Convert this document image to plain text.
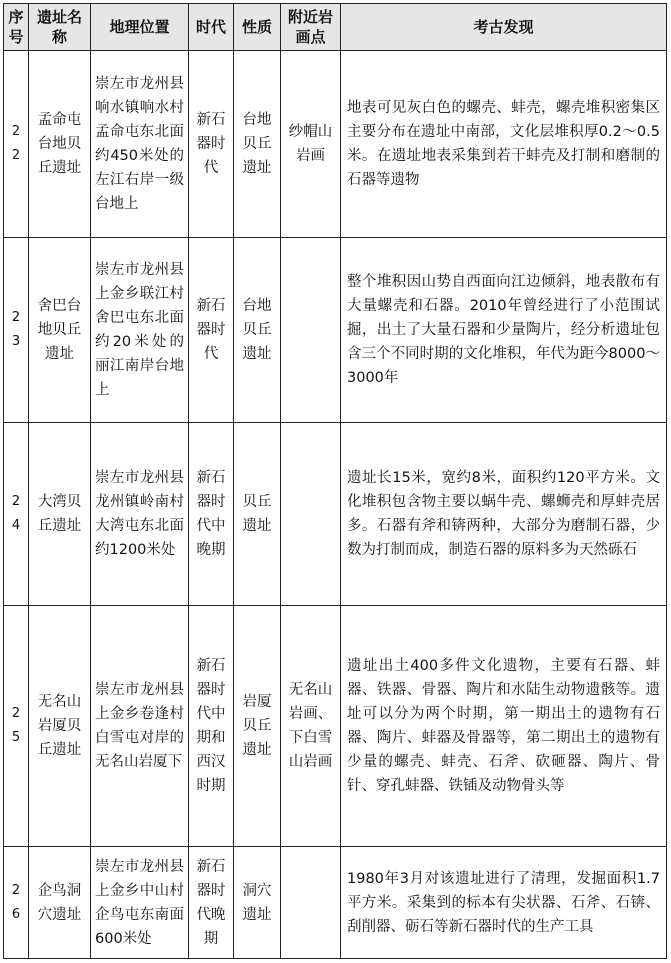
序号	遗址名称	地理位置	时代	性质	附近岩画点	考古发现
22	孟命屯台地贝丘遗址	崇左市龙州县响水镇响水村孟命屯东北面约450米处的左江右岸一级台地上	新石器时代	台地贝丘遗址	纱帽山岩画	地表可见灰白色的螺壳、蚌壳，螺壳堆积密集区主要分布在遗址中南部，文化层堆积厚0.2～0.5米。在遗址地表采集到若干蚌壳及打制和磨制的石器等遗物
23	舍巴台地贝丘遗址	崇左市龙州县上金乡联江村舍巴屯东北面约20米处的丽江南岸台地上	新石器时代	台地贝丘遗址		整个堆积因山势自西面向江边倾斜，地表散布有大量螺壳和石器。2010年曾经进行了小范围试掘，出土了大量石器和少量陶片，经分析遗址包含三个不同时期的文化堆积，年代为距今8000～3000年
24	大湾贝丘遗址	崇左市龙州县龙州镇岭南村大湾屯东北面约1200米处	新石器时代中晚期	贝丘遗址		遗址长15米，宽约8米，面积约120平方米。文化堆积包含物主要以蜗牛壳、螺蛳壳和厚蚌壳居多。石器有斧和锛两种，大部分为磨制石器，少数为打制而成，制造石器的原料多为天然砾石
25	无名山岩厦贝丘遗址	崇左市龙州县上金乡卷逢村白雪屯对岸的无名山岩厦下	新石器时代中期和西汉时期	岩厦贝丘遗址	无名山岩画、下白雪山岩画	遗址出土400多件文化遗物，主要有石器、蚌器、铁器、骨器、陶片和水陆生动物遗骸等。遗址可以分为两个时期，第一期出土的遗物有石器、陶片、蚌器及骨器等，第二期出土的遗物有少量的螺壳、蚌壳、石斧、砍砸器、陶片、骨针、穿孔蚌器、铁锸及动物骨头等
26	企鸟洞穴遗址	崇左市龙州县上金乡中山村企鸟屯东南面600米处	新石器时代晚期	洞穴遗址		1980年3月对该遗址进行了清理，发掘面积1.7平方米。采集到的标本有尖状器、石斧、石锛、刮削器、砺石等新石器时代的生产工具
